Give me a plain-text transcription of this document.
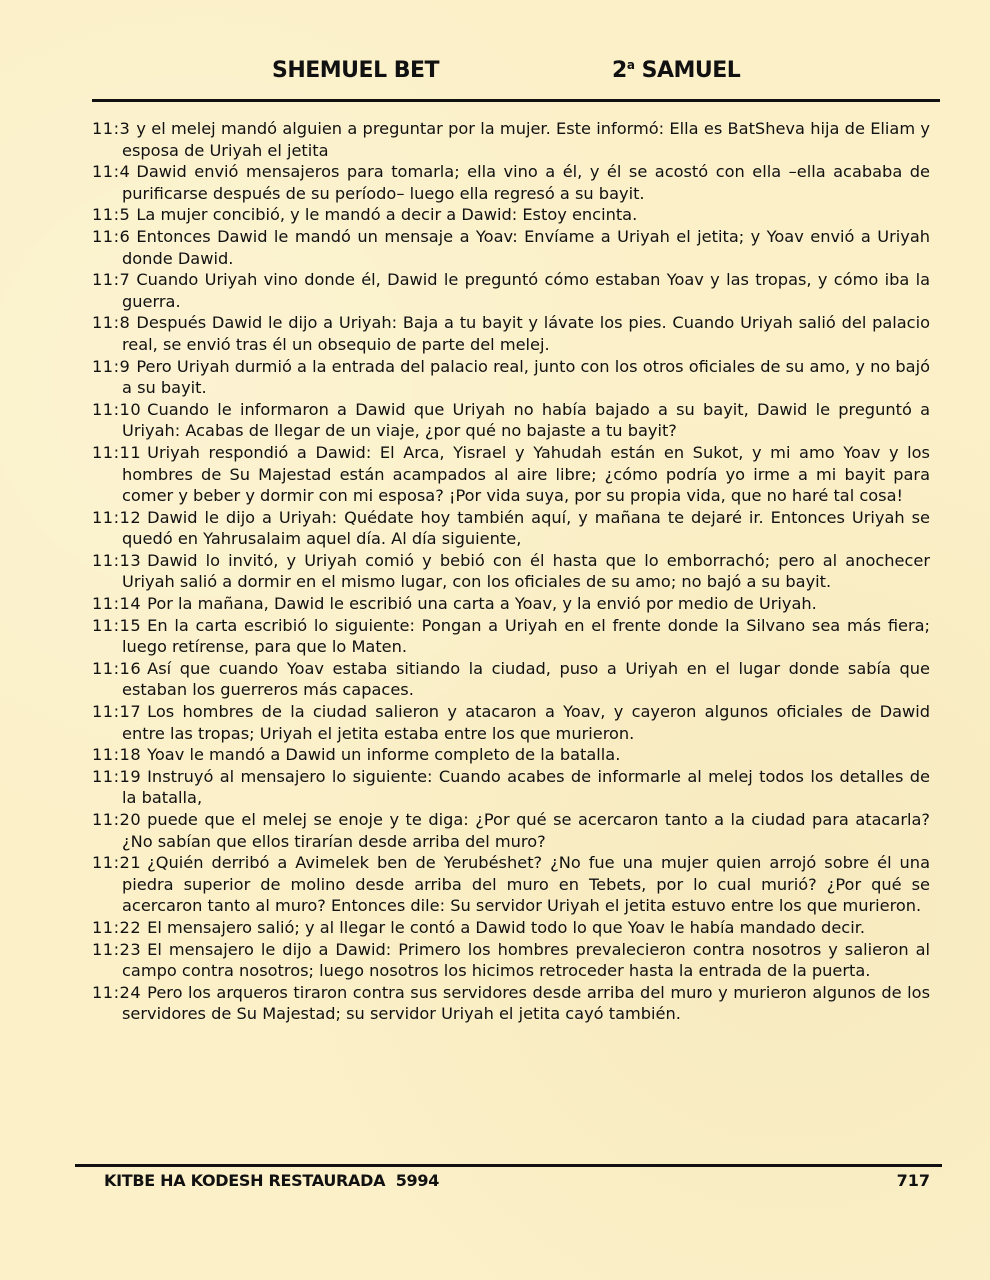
SHEMUEL BET	2$^a$ SAMUEL
11:3 y el melej mandó alguien a preguntar por la mujer. Este informó: Ella es BatSheva hija de Eliam y esposa de Uriyah el jetita
11:4 Dawid envió mensajeros para tomarla; ella vino a él, y él se acostó con ella –ella acababa de purificarse después de su período– luego ella regresó a su bayit.
11:5 La mujer concibió, y le mandó a decir a Dawid: Estoy encinta.
11:6 Entonces Dawid le mandó un mensaje a Yoav: Envíame a Uriyah el jetita; y Yoav envió a Uriyah donde Dawid.
11:7 Cuando Uriyah vino donde él, Dawid le preguntó cómo estaban Yoav y las tropas, y cómo iba la guerra.
11:8 Después Dawid le dijo a Uriyah: Baja a tu bayit y lávate los pies. Cuando Uriyah salió del palacio real, se envió tras él un obsequio de parte del melej.
11:9 Pero Uriyah durmió a la entrada del palacio real, junto con los otros oficiales de su amo, y no bajó a su bayit.
11:10 Cuando le informaron a Dawid que Uriyah no había bajado a su bayit, Dawid le preguntó a Uriyah: Acabas de llegar de un viaje, ¿por qué no bajaste a tu bayit?
11:11 Uriyah respondió a Dawid: El Arca, Yisrael y Yahudah están en Sukot, y mi amo Yoav y los hombres de Su Majestad están acampados al aire libre; ¿cómo podría yo irme a mi bayit para comer y beber y dormir con mi esposa? ¡Por vida suya, por su propia vida, que no haré tal cosa!
11:12 Dawid le dijo a Uriyah: Quédate hoy también aquí, y mañana te dejaré ir. Entonces Uriyah se quedó en Yahrusalaim aquel día. Al día siguiente,
11:13 Dawid lo invitó, y Uriyah comió y bebió con él hasta que lo emborrachó; pero al anochecer Uriyah salió a dormir en el mismo lugar, con los oficiales de su amo; no bajó a su bayit.
11:14 Por la mañana, Dawid le escribió una carta a Yoav, y la envió por medio de Uriyah.
11:15 En la carta escribió lo siguiente: Pongan a Uriyah en el frente donde la Silvano sea más fiera; luego retírense, para que lo Maten.
11:16 Así que cuando Yoav estaba sitiando la ciudad, puso a Uriyah en el lugar donde sabía que estaban los guerreros más capaces.
11:17 Los hombres de la ciudad salieron y atacaron a Yoav, y cayeron algunos oficiales de Dawid entre las tropas; Uriyah el jetita estaba entre los que murieron.
11:18 Yoav le mandó a Dawid un informe completo de la batalla.
11:19 Instruyó al mensajero lo siguiente: Cuando acabes de informarle al melej todos los detalles de la batalla,
11:20 puede que el melej se enoje y te diga: ¿Por qué se acercaron tanto a la ciudad para atacarla? ¿No sabían que ellos tirarían desde arriba del muro?
11:21 ¿Quién derribó a Avimelek ben de Yerubéshet? ¿No fue una mujer quien arrojó sobre él una piedra superior de molino desde arriba del muro en Tebets, por lo cual murió? ¿Por qué se acercaron tanto al muro? Entonces dile: Su servidor Uriyah el jetita estuvo entre los que murieron.
11:22 El mensajero salió; y al llegar le contó a Dawid todo lo que Yoav le había mandado decir.
11:23 El mensajero le dijo a Dawid: Primero los hombres prevalecieron contra nosotros y salieron al campo contra nosotros; luego nosotros los hicimos retroceder hasta la entrada de la puerta.
11:24 Pero los arqueros tiraron contra sus servidores desde arriba del muro y murieron algunos de los servidores de Su Majestad; su servidor Uriyah el jetita cayó también.
KITBE HA KODESH RESTAURADA  5994	717
